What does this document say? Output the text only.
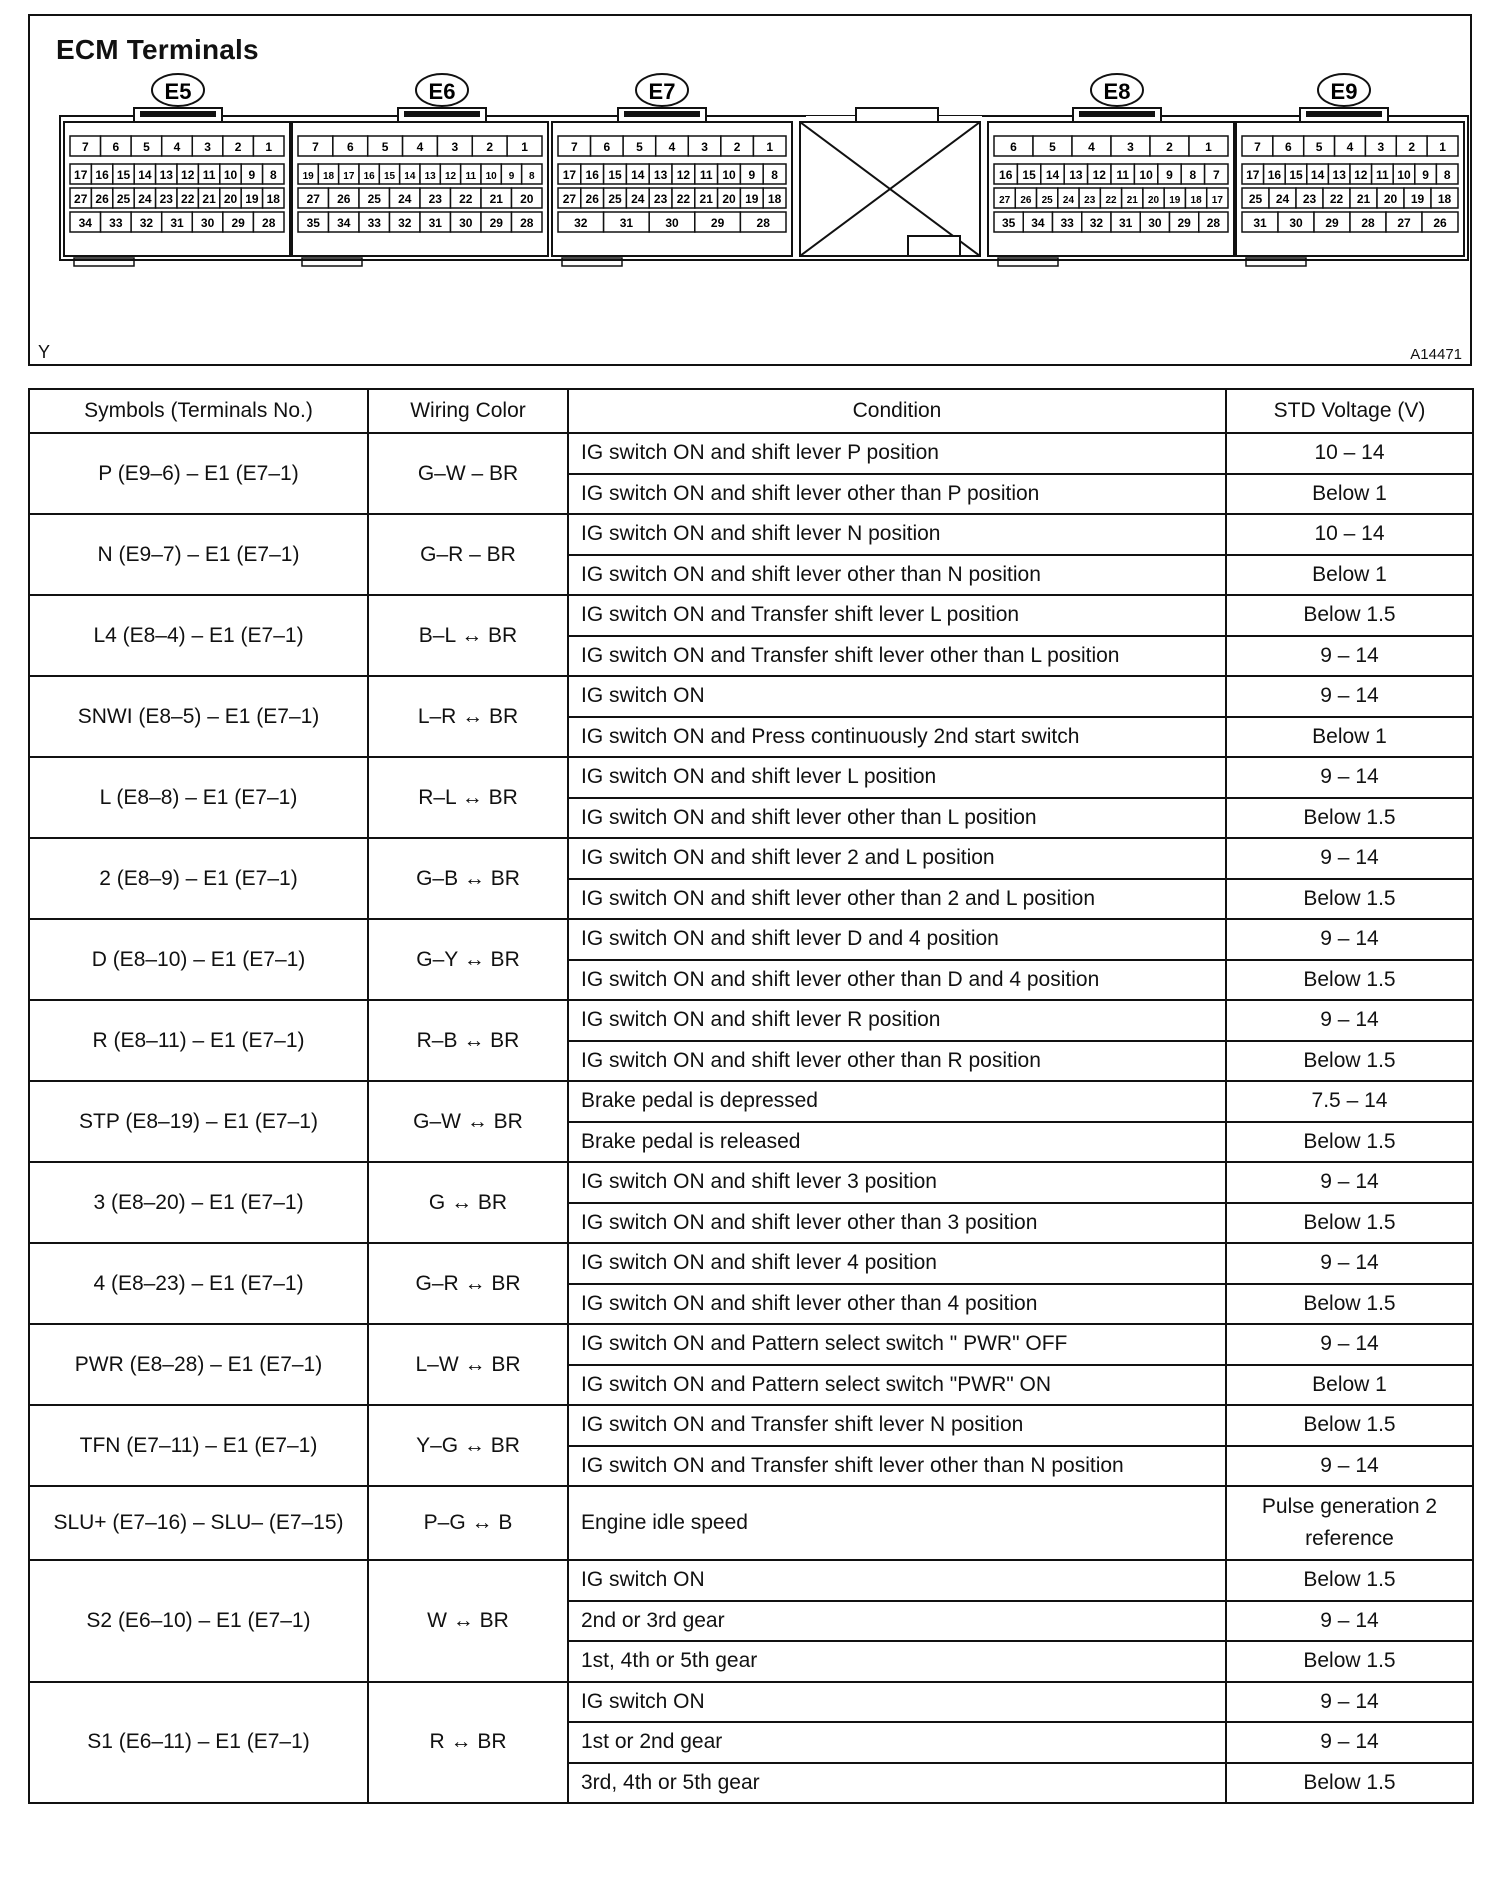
ECM Terminals
E5
7 6 5 4 3 2 1
17 16 15 14 13 12 11 10 9 8
27 26 25 24 23 22 21 20 19 18
34 33 32 31 30 29 28
E6
7 6 5 4 3 2 1
19 18 17 16 15 14 13 12 11 10 9 8
27 26 25 24 23 22 21 20
35 34 33 32 31 30 29 28
E7
7 6 5 4 3 2 1
17 16 15 14 13 12 11 10 9 8
27 26 25 24 23 22 21 20 19 18
32	31	30	29	28
E8
6	5	4	3	2	1
16 15 14 13 12 11 10 9 8 7
27 26 25 24 23 22 21 20 19 18 17
35 34 33 32 31 30 29 28
E9
7 6 5 4 3 2 1
17 16 15 14 13 12 11 10 9 8
25 24 23 22 21 20 19 18
31 30 29 28 27 26
Y	A14471
Symbols (Terminals No.)	Wiring Color	Condition	STD Voltage (V)
P (E9–6) – E1 (E7–1)	G–W – BR	IG switch ON and shift lever P position	10 – 14
		IG switch ON and shift lever other than P position	Below 1
N (E9–7) – E1 (E7–1)	G–R – BR	IG switch ON and shift lever N position	10 – 14
		IG switch ON and shift lever other than N position	Below 1
L4 (E8–4) – E1 (E7–1)	B–L ↔ BR	IG switch ON and Transfer shift lever L position	Below 1.5
		IG switch ON and Transfer shift lever other than L position	9 – 14
SNWI (E8–5) – E1 (E7–1)	L–R ↔ BR	IG switch ON	9 – 14
		IG switch ON and Press continuously 2nd start switch	Below 1
L (E8–8) – E1 (E7–1)	R–L ↔ BR	IG switch ON and shift lever L position	9 – 14
		IG switch ON and shift lever other than L position	Below 1.5
2 (E8–9) – E1 (E7–1)	G–B ↔ BR	IG switch ON and shift lever 2 and L position	9 – 14
		IG switch ON and shift lever other than 2 and L position	Below 1.5
D (E8–10) – E1 (E7–1)	G–Y ↔ BR	IG switch ON and shift lever D and 4 position	9 – 14
		IG switch ON and shift lever other than D and 4 position	Below 1.5
R (E8–11) – E1 (E7–1)	R–B ↔ BR	IG switch ON and shift lever R position	9 – 14
		IG switch ON and shift lever other than R position	Below 1.5
STP (E8–19) – E1 (E7–1)	G–W ↔ BR	Brake pedal is depressed	7.5 – 14
		Brake pedal is released	Below 1.5
3 (E8–20) – E1 (E7–1)	G ↔ BR	IG switch ON and shift lever 3 position	9 – 14
		IG switch ON and shift lever other than 3 position	Below 1.5
4 (E8–23) – E1 (E7–1)	G–R ↔ BR	IG switch ON and shift lever 4 position	9 – 14
		IG switch ON and shift lever other than 4 position	Below 1.5
PWR (E8–28) – E1 (E7–1)	L–W ↔ BR	IG switch ON and Pattern select switch " PWR" OFF	9 – 14
		IG switch ON and Pattern select switch "PWR" ON	Below 1
TFN (E7–11) – E1 (E7–1)	Y–G ↔ BR	IG switch ON and Transfer shift lever N position	Below 1.5
		IG switch ON and Transfer shift lever other than N position	9 – 14
SLU+ (E7–16) – SLU– (E7–15)	P–G ↔ B	Engine idle speed	Pulse generation 2 reference
S2 (E6–10) – E1 (E7–1)	W ↔ BR	IG switch ON	Below 1.5
		2nd or 3rd gear	9 – 14
		1st, 4th or 5th gear	Below 1.5
S1 (E6–11) – E1 (E7–1)	R ↔ BR	IG switch ON	9 – 14
		1st or 2nd gear	9 – 14
		3rd, 4th or 5th gear	Below 1.5
